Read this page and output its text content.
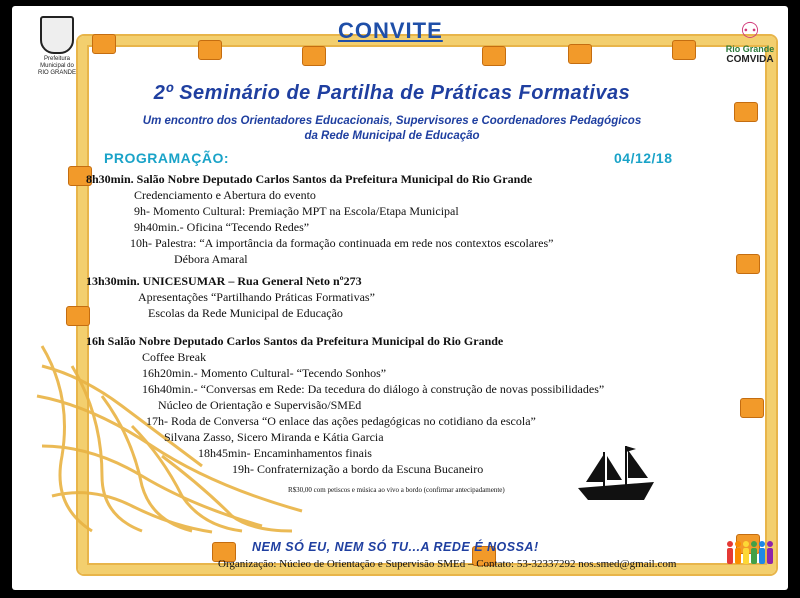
Prefeitura Municipal do RIO GRANDE
⚇
Rio Grande
COMVIDA
CONVITE
2º Seminário de Partilha de Práticas Formativas
Um encontro dos Orientadores Educacionais, Supervisores e Coordenadores Pedagógicos
da Rede Municipal de Educação
PROGRAMAÇÃO:	04/12/18
8h30min. Salão Nobre Deputado Carlos Santos da Prefeitura Municipal do Rio Grande
Credenciamento e Abertura do evento
9h- Momento Cultural: Premiação MPT na Escola/Etapa Municipal
9h40min.- Oficina “Tecendo Redes”
10h- Palestra: “A importância da formação continuada em rede nos contextos escolares”
Débora Amaral
13h30min. UNICESUMAR – Rua General Neto nº273
Apresentações “Partilhando Práticas Formativas”
Escolas da Rede Municipal de Educação
16h Salão Nobre Deputado Carlos Santos da Prefeitura Municipal do Rio Grande
Coffee Break
16h20min.- Momento Cultural- “Tecendo Sonhos”
16h40min.- “Conversas em Rede: Da tecedura do diálogo à construção de novas possibilidades”
Núcleo de Orientação e Supervisão/SMEd
17h- Roda de Conversa “O enlace das ações pedagógicas no cotidiano da escola”
Silvana Zasso, Sicero Miranda e Kátia Garcia
18h45min- Encaminhamentos finais
19h- Confraternização a bordo da Escuna Bucaneiro
R$30,00 com petiscos e música ao vivo a bordo (confirmar antecipadamente)
NEM SÓ EU, NEM SÓ TU...A REDE É NOSSA!
Organização: Núcleo de Orientação e Supervisão SMEd – Contato: 53-32337292 nos.smed@gmail.com
